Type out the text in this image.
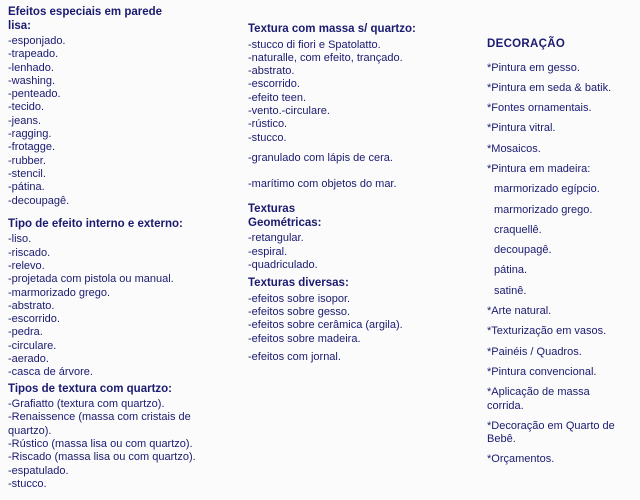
Efeitos especiais em parede
lisa:
-esponjado.
-trapeado.
-lenhado.
-washing.
-penteado.
-tecido.
-jeans.
-ragging.
-frotagge.
-rubber.
-stencil.
-pátina.
-decoupagê.
Tipo de efeito interno e externo:
-liso.
-riscado.
-relevo.
-projetada com pistola ou manual.
-marmorizado grego.
-abstrato.
-escorrido.
-pedra.
-circulare.
-aerado.
-casca de árvore.
Tipos de textura com quartzo:
-Grafiatto (textura com quartzo).
-Renaissence (massa com cristais de quartzo).
-Rústico (massa lisa ou com quartzo).
-Riscado (massa lisa ou com quartzo).
-espatulado.
-stucco.
Textura com massa s/ quartzo:
-stucco di fiori e Spatolatto.
-naturalle, com efeito, trançado.
-abstrato.
-escorrido.
-efeito teen.
-vento.-circulare.
-rústico.
-stucco.
-granulado com lápis de cera.
-marítimo com objetos do mar.
Texturas
Geométricas:
-retangular.
-espiral.
-quadriculado.
Texturas diversas:
-efeitos sobre isopor.
-efeitos sobre gesso.
-efeitos sobre cerâmica (argila).
-efeitos sobre madeira.
-efeitos com jornal.
DECORAÇÃO
*Pintura em gesso.
*Pintura em seda & batik.
*Fontes ornamentais.
*Pintura vitral.
*Mosaicos.
*Pintura em madeira:
marmorizado egípcio.
marmorizado grego.
craquellê.
decoupagê.
pátina.
satinê.
*Arte natural.
*Texturização em vasos.
*Painéis / Quadros.
*Pintura convencional.
*Aplicação de massa corrida.
*Decoração em Quarto de Bebê.
*Orçamentos.
